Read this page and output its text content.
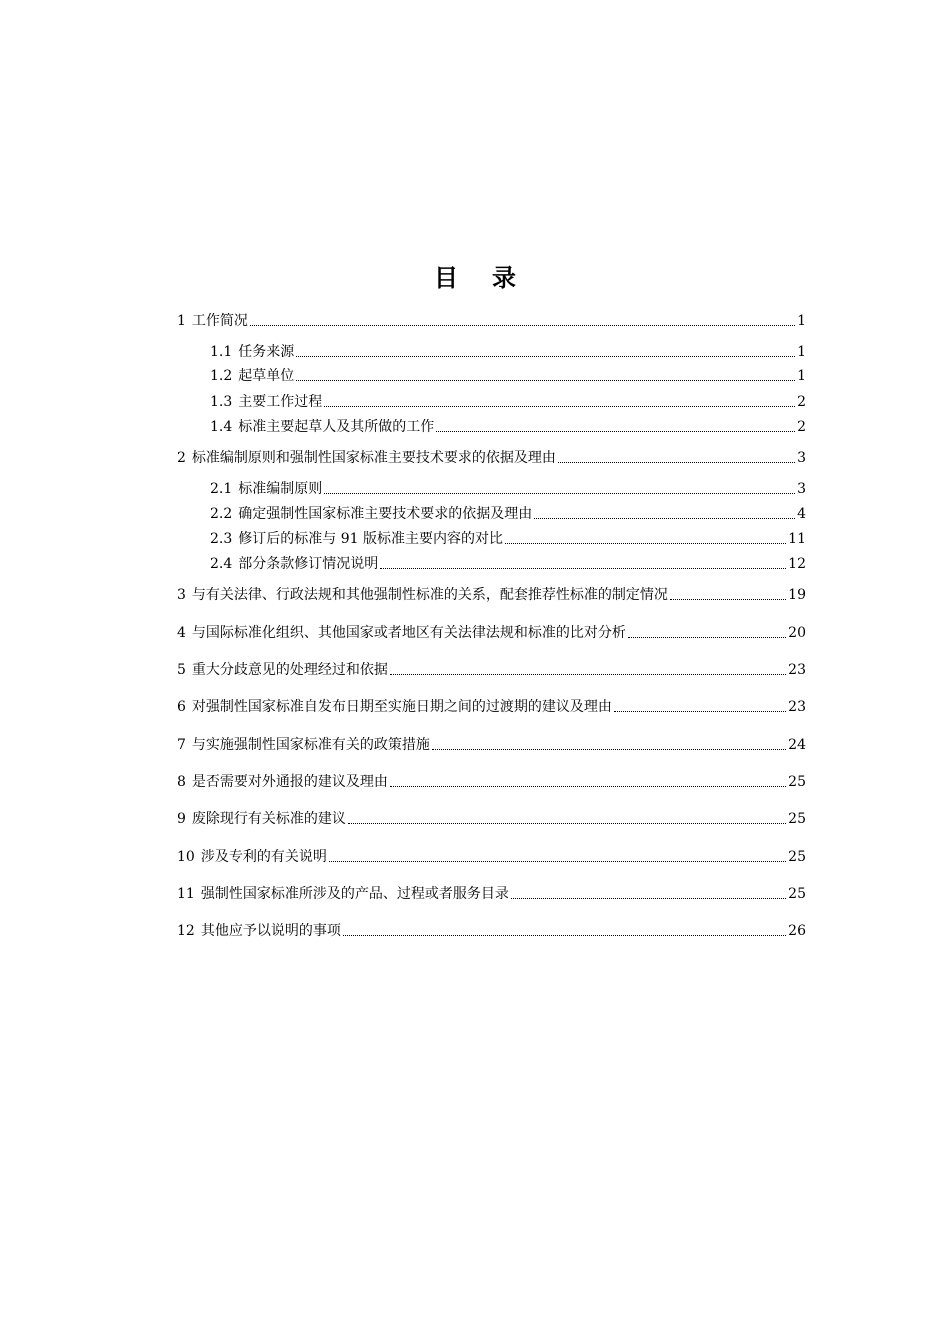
目 录
1 工作简况	1
1.1 任务来源	1
1.2 起草单位	1
1.3 主要工作过程	2
1.4 标准主要起草人及其所做的工作	2
2 标准编制原则和强制性国家标准主要技术要求的依据及理由	3
2.1 标准编制原则	3
2.2 确定强制性国家标准主要技术要求的依据及理由	4
2.3 修订后的标准与 91 版标准主要内容的对比	11
2.4 部分条款修订情况说明	12
3 与有关法律、行政法规和其他强制性标准的关系，配套推荐性标准的制定情况	19
4 与国际标准化组织、其他国家或者地区有关法律法规和标准的比对分析	20
5 重大分歧意见的处理经过和依据	23
6 对强制性国家标准自发布日期至实施日期之间的过渡期的建议及理由	23
7 与实施强制性国家标准有关的政策措施	24
8 是否需要对外通报的建议及理由	25
9 废除现行有关标准的建议	25
10 涉及专利的有关说明	25
11 强制性国家标准所涉及的产品、过程或者服务目录	25
12 其他应予以说明的事项	26
